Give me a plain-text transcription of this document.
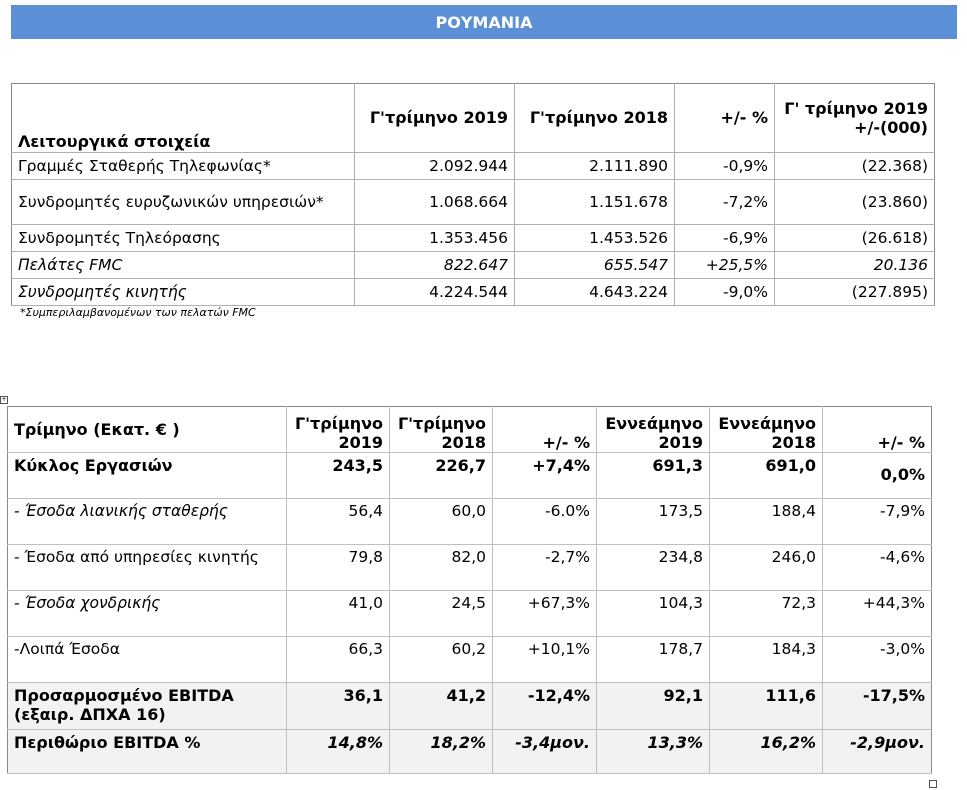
ΡΟΥΜΑΝΙΑ
Λειτουργικά στοιχεία	Γ'τρίμηνο 2019	Γ'τρίμηνο 2018	+/- %	Γ' τρίμηνο 2019 +/-(000)
Γραμμές Σταθερής Τηλεφωνίας*	2.092.944	2.111.890	-0,9%	(22.368)
Συνδρομητές ευρυζωνικών υπηρεσιών*	1.068.664	1.151.678	-7,2%	(23.860)
Συνδρομητές Τηλεόρασης	1.353.456	1.453.526	-6,9%	(26.618)
Πελάτες FMC	822.647	655.547	+25,5%	20.136
Συνδρομητές κινητής	4.224.544	4.643.224	-9,0%	(227.895)
*Συμπεριλαμβανομένων των πελατών FMC
+
Τρίμηνο (Εκατ. € )	Γ'τρίμηνο 2019	Γ'τρίμηνο 2018	+/- %	Εννεάμηνο 2019	Εννεάμηνο 2018	+/- %
Κύκλος Εργασιών	243,5	226,7	+7,4%	691,3	691,0	0,0%
- Έσοδα λιανικής σταθερής	56,4	60,0	-6.0%	173,5	188,4	-7,9%
- Έσοδα από υπηρεσίες κινητής	79,8	82,0	-2,7%	234,8	246,0	-4,6%
- Έσοδα χονδρικής	41,0	24,5	+67,3%	104,3	72,3	+44,3%
-Λοιπά Έσοδα	66,3	60,2	+10,1%	178,7	184,3	-3,0%

Προσαρμοσμένο EBITDA
(εξαιρ. ΔΠΧΑ 16)	36,1	41,2	-12,4%	92,1	111,6	-17,5%
Περιθώριο EBITDA %	14,8%	18,2%	-3,4μον.	13,3%	16,2%	-2,9μον.
